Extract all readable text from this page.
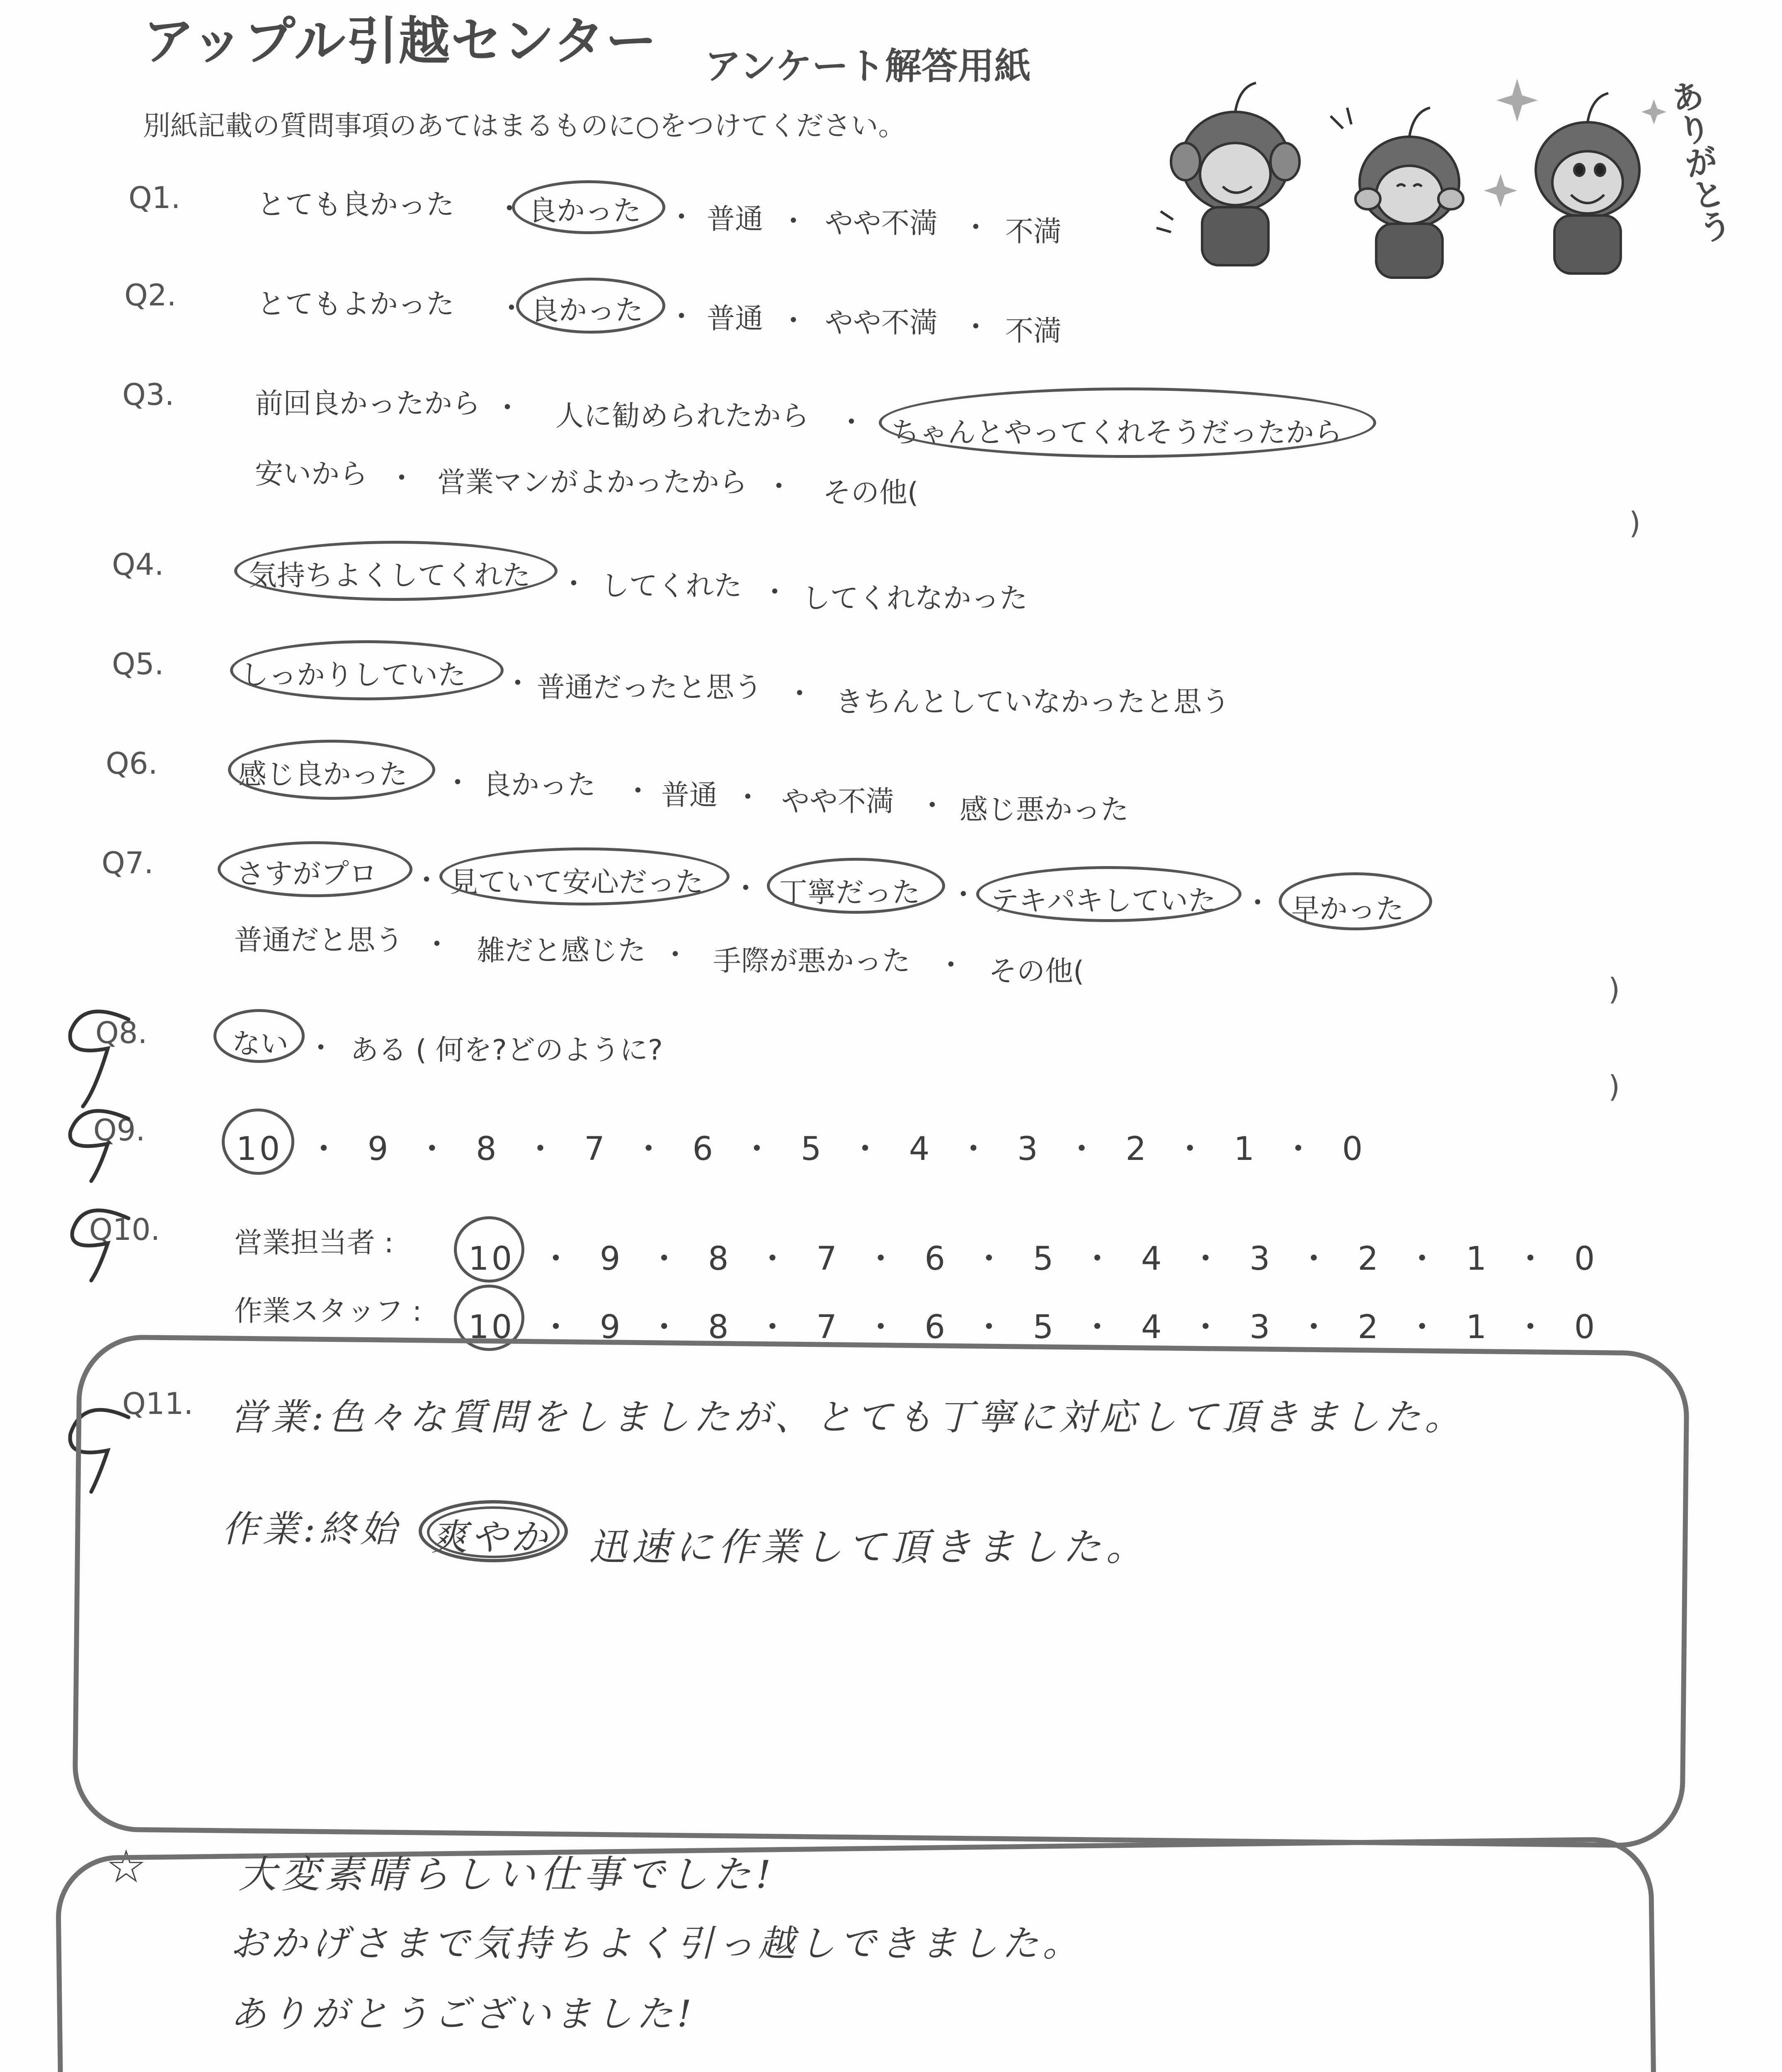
アップル引越センター アンケート解答用紙
別紙記載の質問事項のあてはまるものに○をつけてください。	ありがとう
Q1.	とても良かった ・ 良かった ・ 普通 ・ やや不満 ・ 不満
Q2.	とてもよかった ・ 良かった ・ 普通 ・ やや不満 ・ 不満
Q3.	前回良かったから ・ 人に勧められたから ・ ちゃんとやってくれそうだったから
安いから ・ 営業マンがよかったから ・ その他(
)
Q4.	気持ちよくしてくれた ・ してくれた ・ してくれなかった
Q5.	しっかりしていた ・ 普通だったと思う ・ きちんとしていなかったと思う
Q6.	感じ良かった ・ 良かった ・ 普通 ・ やや不満 ・ 感じ悪かった
Q7.	さすがプロ ・ 見ていて安心だった ・ 丁寧だった ・ テキパキしていた ・ 早かった
普通だと思う ・ 雑だと感じた ・ 手際が悪かった ・ その他(
)
Q8.	ない ・ ある ( 何を?どのように?
)
Q9.
10 ・ 9 ・ 8 ・ 7 ・ 6 ・ 5 ・ 4 ・ 3 ・ 2 ・ 1 ・ 0
Q10.	営業担当者 : 10 ・ 9 ・ 8 ・ 7 ・ 6 ・ 5 ・ 4 ・ 3 ・ 2 ・ 1 ・ 0
作業スタッフ : 10 ・ 9 ・ 8 ・ 7 ・ 6 ・ 5 ・ 4 ・ 3 ・ 2 ・ 1 ・ 0
Q11. 営業:色々な質問をしましたが、とても丁寧に対応して頂きました。
作業:終始 爽やか 迅速に作業して頂きました。
☆ 大変素晴らしい仕事でした!
おかげさまで気持ちよく引っ越しできました。
ありがとうございました!
